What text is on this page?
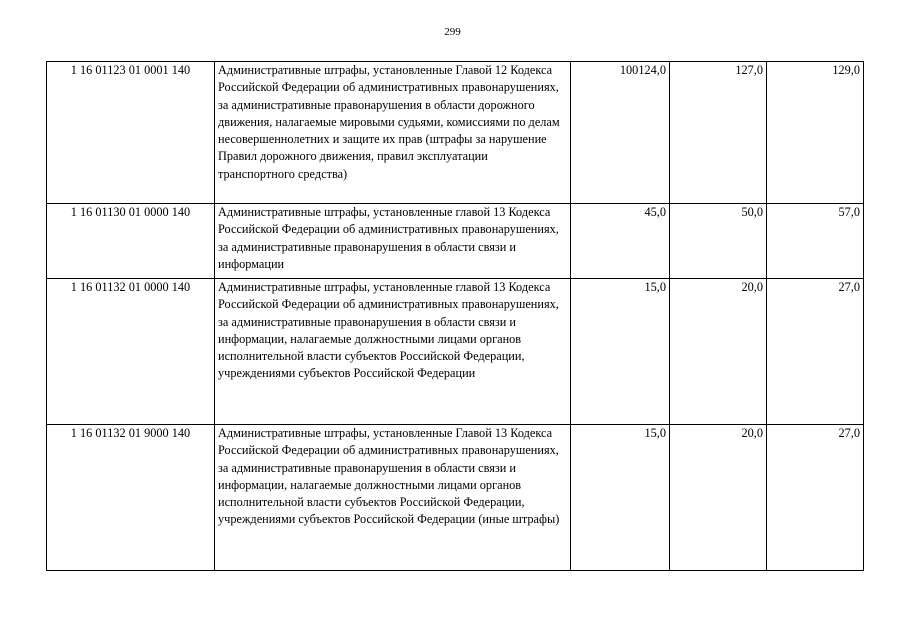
299
1 16 01123 01 0001 140	Административные штрафы, установленные Главой 12 Кодекса Российской Федерации об административных правонарушениях, за административные правонарушения в области дорожного движения, налагаемые мировыми судьями, комиссиями по делам несовершеннолетних и защите их прав (штрафы за нарушение Правил дорожного движения, правил эксплуатации транспортного средства)	100124,0	127,0	129,0
1 16 01130 01 0000 140	Административные штрафы, установленные главой 13 Кодекса Российской Федерации об административных правонарушениях, за административные правонарушения в области связи и информации	45,0	50,0	57,0
1 16 01132 01 0000 140	Административные штрафы, установленные главой 13 Кодекса Российской Федерации об административных правонарушениях, за административные правонарушения в области связи и информации, налагаемые должностными лицами органов исполнительной власти субъектов Российской Федерации, учреждениями субъектов Российской Федерации	15,0	20,0	27,0
1 16 01132 01 9000 140	Административные штрафы, установленные Главой 13 Кодекса Российской Федерации об административных правонарушениях, за административные правонарушения в области связи и информации, налагаемые должностными лицами органов исполнительной власти субъектов Российской Федерации, учреждениями субъектов Российской Федерации (иные штрафы)	15,0	20,0	27,0
